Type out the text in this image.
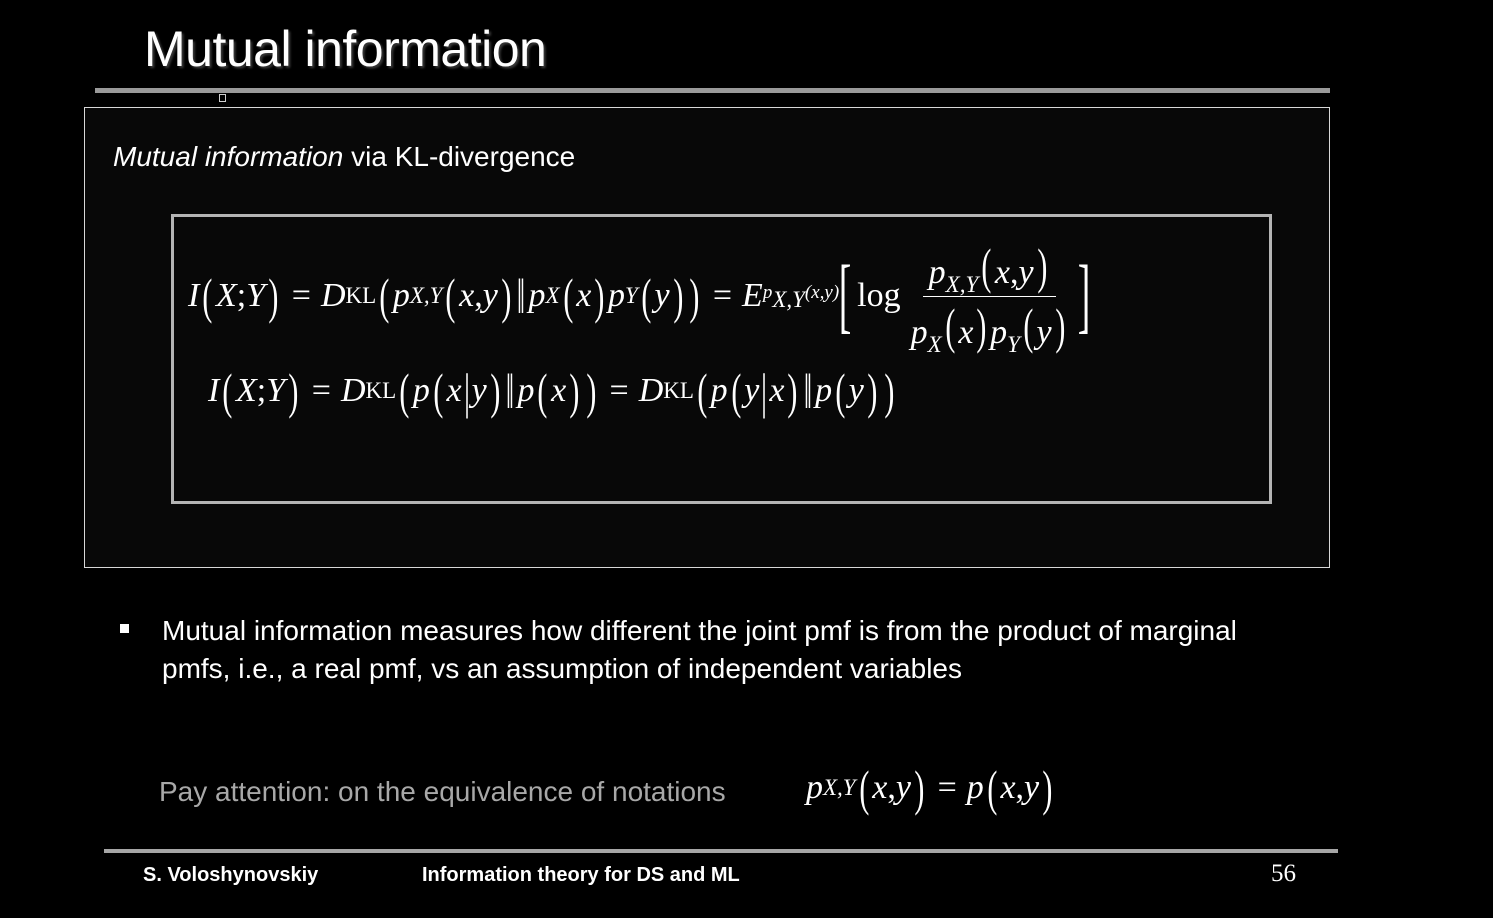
Mutual information
Mutual information via KL-divergence
I ( X ; Y ) = D KL ( p X,Y ( x , y ) ‖ p X ( x ) p Y ( y ) ) = E $p_{X,Y}(x,y)$ [ $\log \frac{p_{X,Y}(x,y)}{p_X(x)p_Y(y)}$ ]
I ( X ; Y ) = D KL ( p ( x | y ) ‖ p ( x ) ) = D KL ( p ( y | x ) ‖ p ( y ) )
Mutual information measures how different the joint pmf is from the product of marginal pmfs, i.e., a real pmf, vs an assumption of independent variables
Pay attention: on the equivalence of notations p X,Y ( x , y ) = p ( x , y )
S. Voloshynovskiy	Information theory for DS and ML	56
